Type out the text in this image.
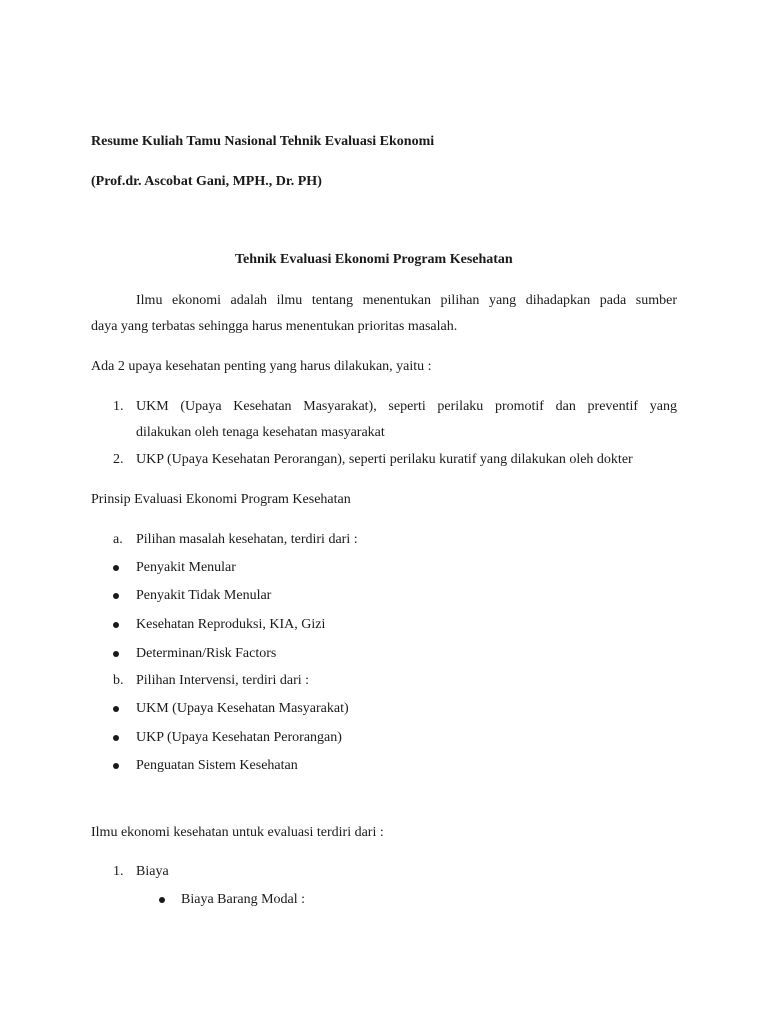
Resume Kuliah Tamu Nasional Tehnik Evaluasi Ekonomi
(Prof.dr. Ascobat Gani, MPH., Dr. PH)
Tehnik Evaluasi Ekonomi Program Kesehatan
Ilmu ekonomi adalah ilmu tentang menentukan pilihan yang dihadapkan pada sumber
daya yang terbatas sehingga harus menentukan prioritas masalah.
Ada 2 upaya kesehatan penting yang harus dilakukan, yaitu :
1. UKM (Upaya Kesehatan Masyarakat), seperti perilaku promotif dan preventif yang
dilakukan oleh tenaga kesehatan masyarakat
2. UKP (Upaya Kesehatan Perorangan), seperti perilaku kuratif yang dilakukan oleh dokter
Prinsip Evaluasi Ekonomi Program Kesehatan
a. Pilihan masalah kesehatan, terdiri dari :
Penyakit Menular
Penyakit Tidak Menular
Kesehatan Reproduksi, KIA, Gizi
Determinan/Risk Factors
b. Pilihan Intervensi, terdiri dari :
UKM (Upaya Kesehatan Masyarakat)
UKP (Upaya Kesehatan Perorangan)
Penguatan Sistem Kesehatan
Ilmu ekonomi kesehatan untuk evaluasi terdiri dari :
1. Biaya
Biaya Barang Modal :
